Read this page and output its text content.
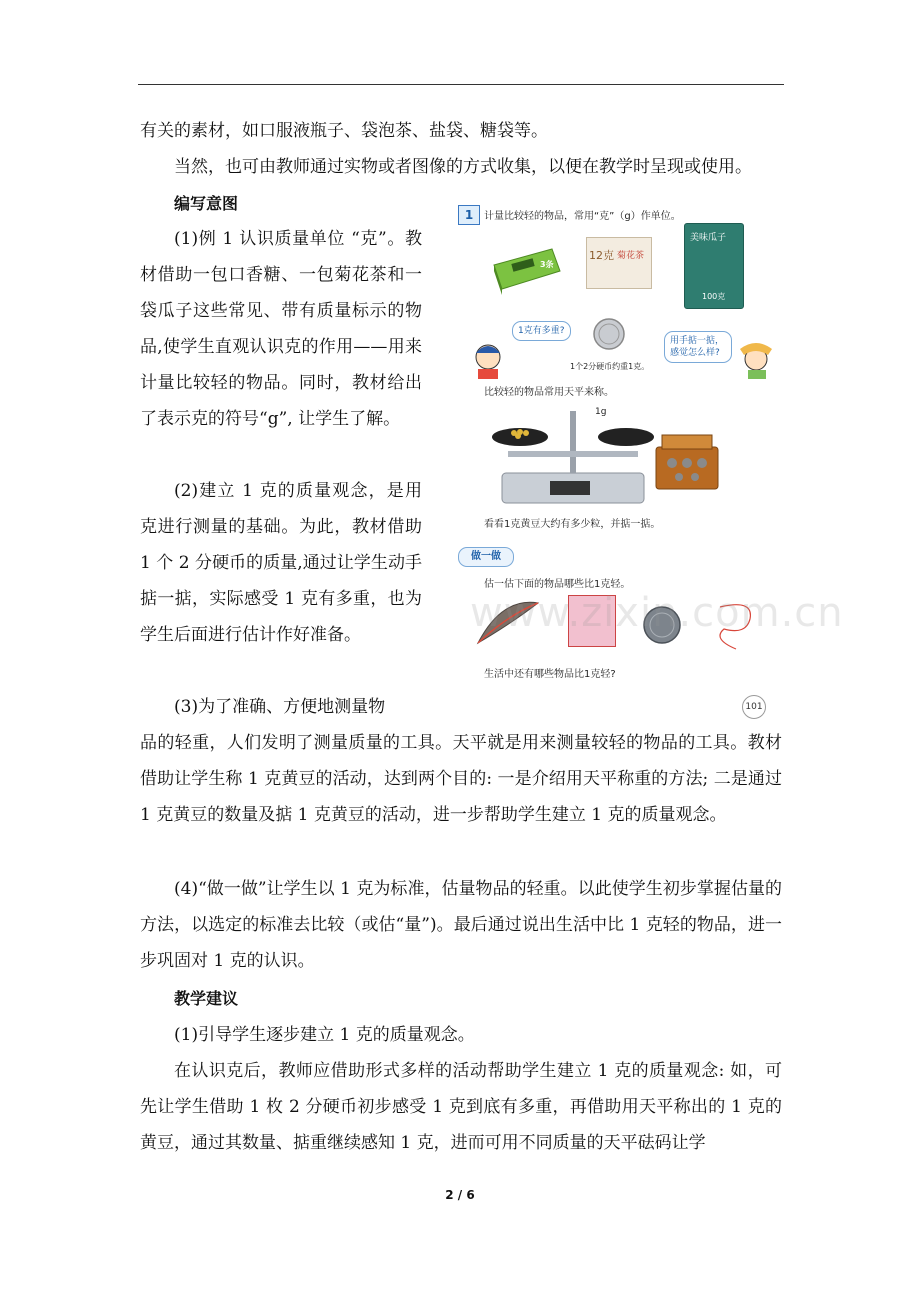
有关的素材，如口服液瓶子、袋泡茶、盐袋、糖袋等。

当然，也可由教师通过实物或者图像的方式收集，以便在教学时呈现或使用。

编写意图

(1)例 1 认识质量单位 “克”。教材借助一包口香糖、一包菊花茶和一袋瓜子这些常见、带有质量标示的物品,使学生直观认识克的作用——用来计量比较轻的物品。同时，教材给出了表示克的符号“g”, 让学生了解。

(2)建立 1 克的质量观念，是用克进行测量的基础。为此，教材借助 1 个 2 分硬币的质量,通过让学生动手掂一掂，实际感受 1 克有多重，也为学生后面进行估计作好准备。

(3)为了准确、方便地测量物

品的轻重，人们发明了测量质量的工具。天平就是用来测量较轻的物品的工具。教材借助让学生称 1 克黄豆的活动，达到两个目的: 一是介绍用天平称重的方法; 二是通过 1 克黄豆的数量及掂 1 克黄豆的活动，进一步帮助学生建立 1 克的质量观念。

(4)“做一做”让学生以 1 克为标准，估量物品的轻重。以此使学生初步掌握估量的方法，以选定的标准去比较（或估“量”)。最后通过说出生活中比 1 克轻的物品，进一步巩固对 1 克的认识。

教学建议

(1)引导学生逐步建立 1 克的质量观念。

在认识克后，教师应借助形式多样的活动帮助学生建立 1 克的质量观念: 如，可先让学生借助 1 枚 2 分硬币初步感受 1 克到底有多重，再借助用天平称出的 1 克的黄豆，通过其数量、掂重继续感知 1 克，进而可用不同质量的天平砝码让学

1	计量比较轻的物品，常用“克”（g）作单位。
3条
12克 菊花茶
美味瓜子
100克
1克有多重?
1个2分硬币约重1克。
用手掂一掂，感觉怎么样?
比较轻的物品常用天平来称。
1g
看看1克黄豆大约有多少粒，并掂一掂。
做一做
估一估下面的物品哪些比1克轻。
生活中还有哪些物品比1克轻?
101
www.zixin.com.cn
2 / 6
